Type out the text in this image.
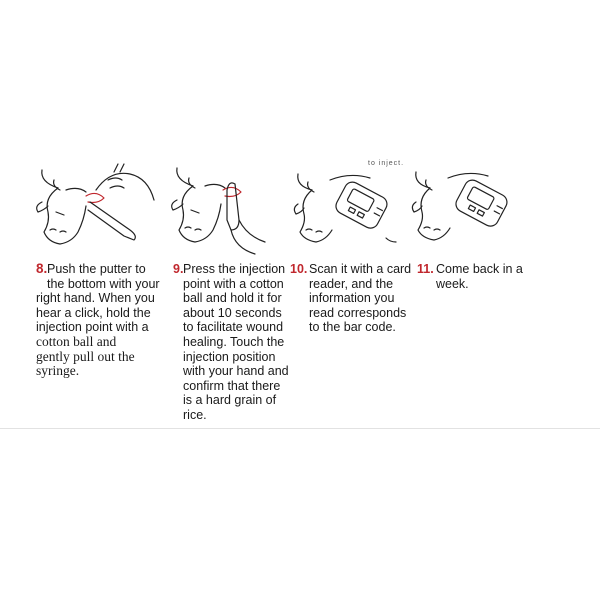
to inject.
8. Push the putter to
the bottom with your
right hand. When you
hear a click, hold the
injection point with a
cotton ball and
gently pull out the
syringe.
9. Press the injection
point with a cotton
ball and hold it for
about 10 seconds
to facilitate wound
healing. Touch the
injection position
with your hand and
confirm that there
is a hard grain of
rice.
10. Scan it with a card
reader, and the
information you
read corresponds
to the bar code.
11. Come back in a
week.
